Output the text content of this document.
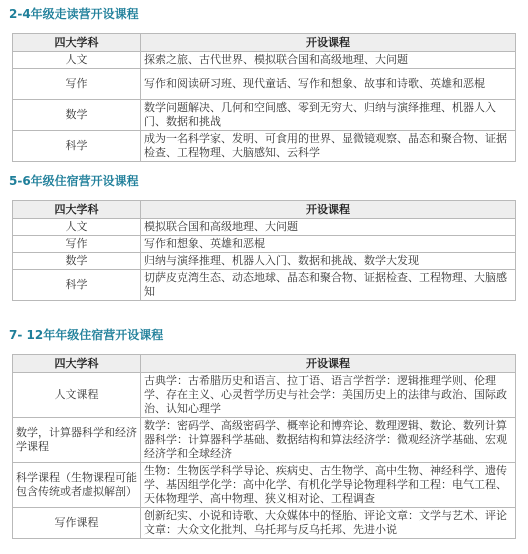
2-4年级走读营开设课程
四大学科	开设课程
人文	探索之旅、古代世界、模拟联合国和高级地理、大问题
写作	写作和阅读研习班、现代童话、写作和想象、故事和诗歌、英雄和恶棍
数学	数学问题解决、几何和空间感、零到无穷大、归纳与演绎推理、机器人入门、数据和挑战
科学	成为一名科学家、发明、可食用的世界、显微镜观察、晶态和聚合物、证据检查、工程物理、大脑感知、云科学
5-6年级住宿营开设课程
四大学科	开设课程
人文	模拟联合国和高级地理、大问题
写作	写作和想象、英雄和恶棍
数学	归纳与演绎推理、机器人入门、数据和挑战、数学大发现
科学	切萨皮克湾生态、动态地球、晶态和聚合物、证据检查、工程物理、大脑感知
7- 12年年级住宿营开设课程
四大学科	开设课程
人文课程	古典学：古希腊历史和语言、拉丁语、语言学哲学：逻辑推理学则、伦理学、存在主义、心灵哲学历史与社会学：美国历史上的法律与政治、国际政治、认知心理学
数学，计算器科学和经济学课程	数学：密码学、高级密码学、概率论和博弈论、数理逻辑、数论、数列计算器科学：计算器科学基础、数据结构和算法经济学：微观经济学基础、宏观经济学和全球经济
科学课程（生物课程可能包含传统或者虚拟解剖）	生物：生物医学科学导论、疾病史、古生物学、高中生物、神经科学、遗传学、基因组学化学：高中化学、有机化学导论物理科学和工程：电气工程、天体物理学、高中物理、狭义相对论、工程调查
写作课程	创新纪实、小说和诗歌、大众媒体中的怪胎、评论文章：文学与艺术、评论文章：大众文化批判、乌托邦与反乌托邦、先进小说
